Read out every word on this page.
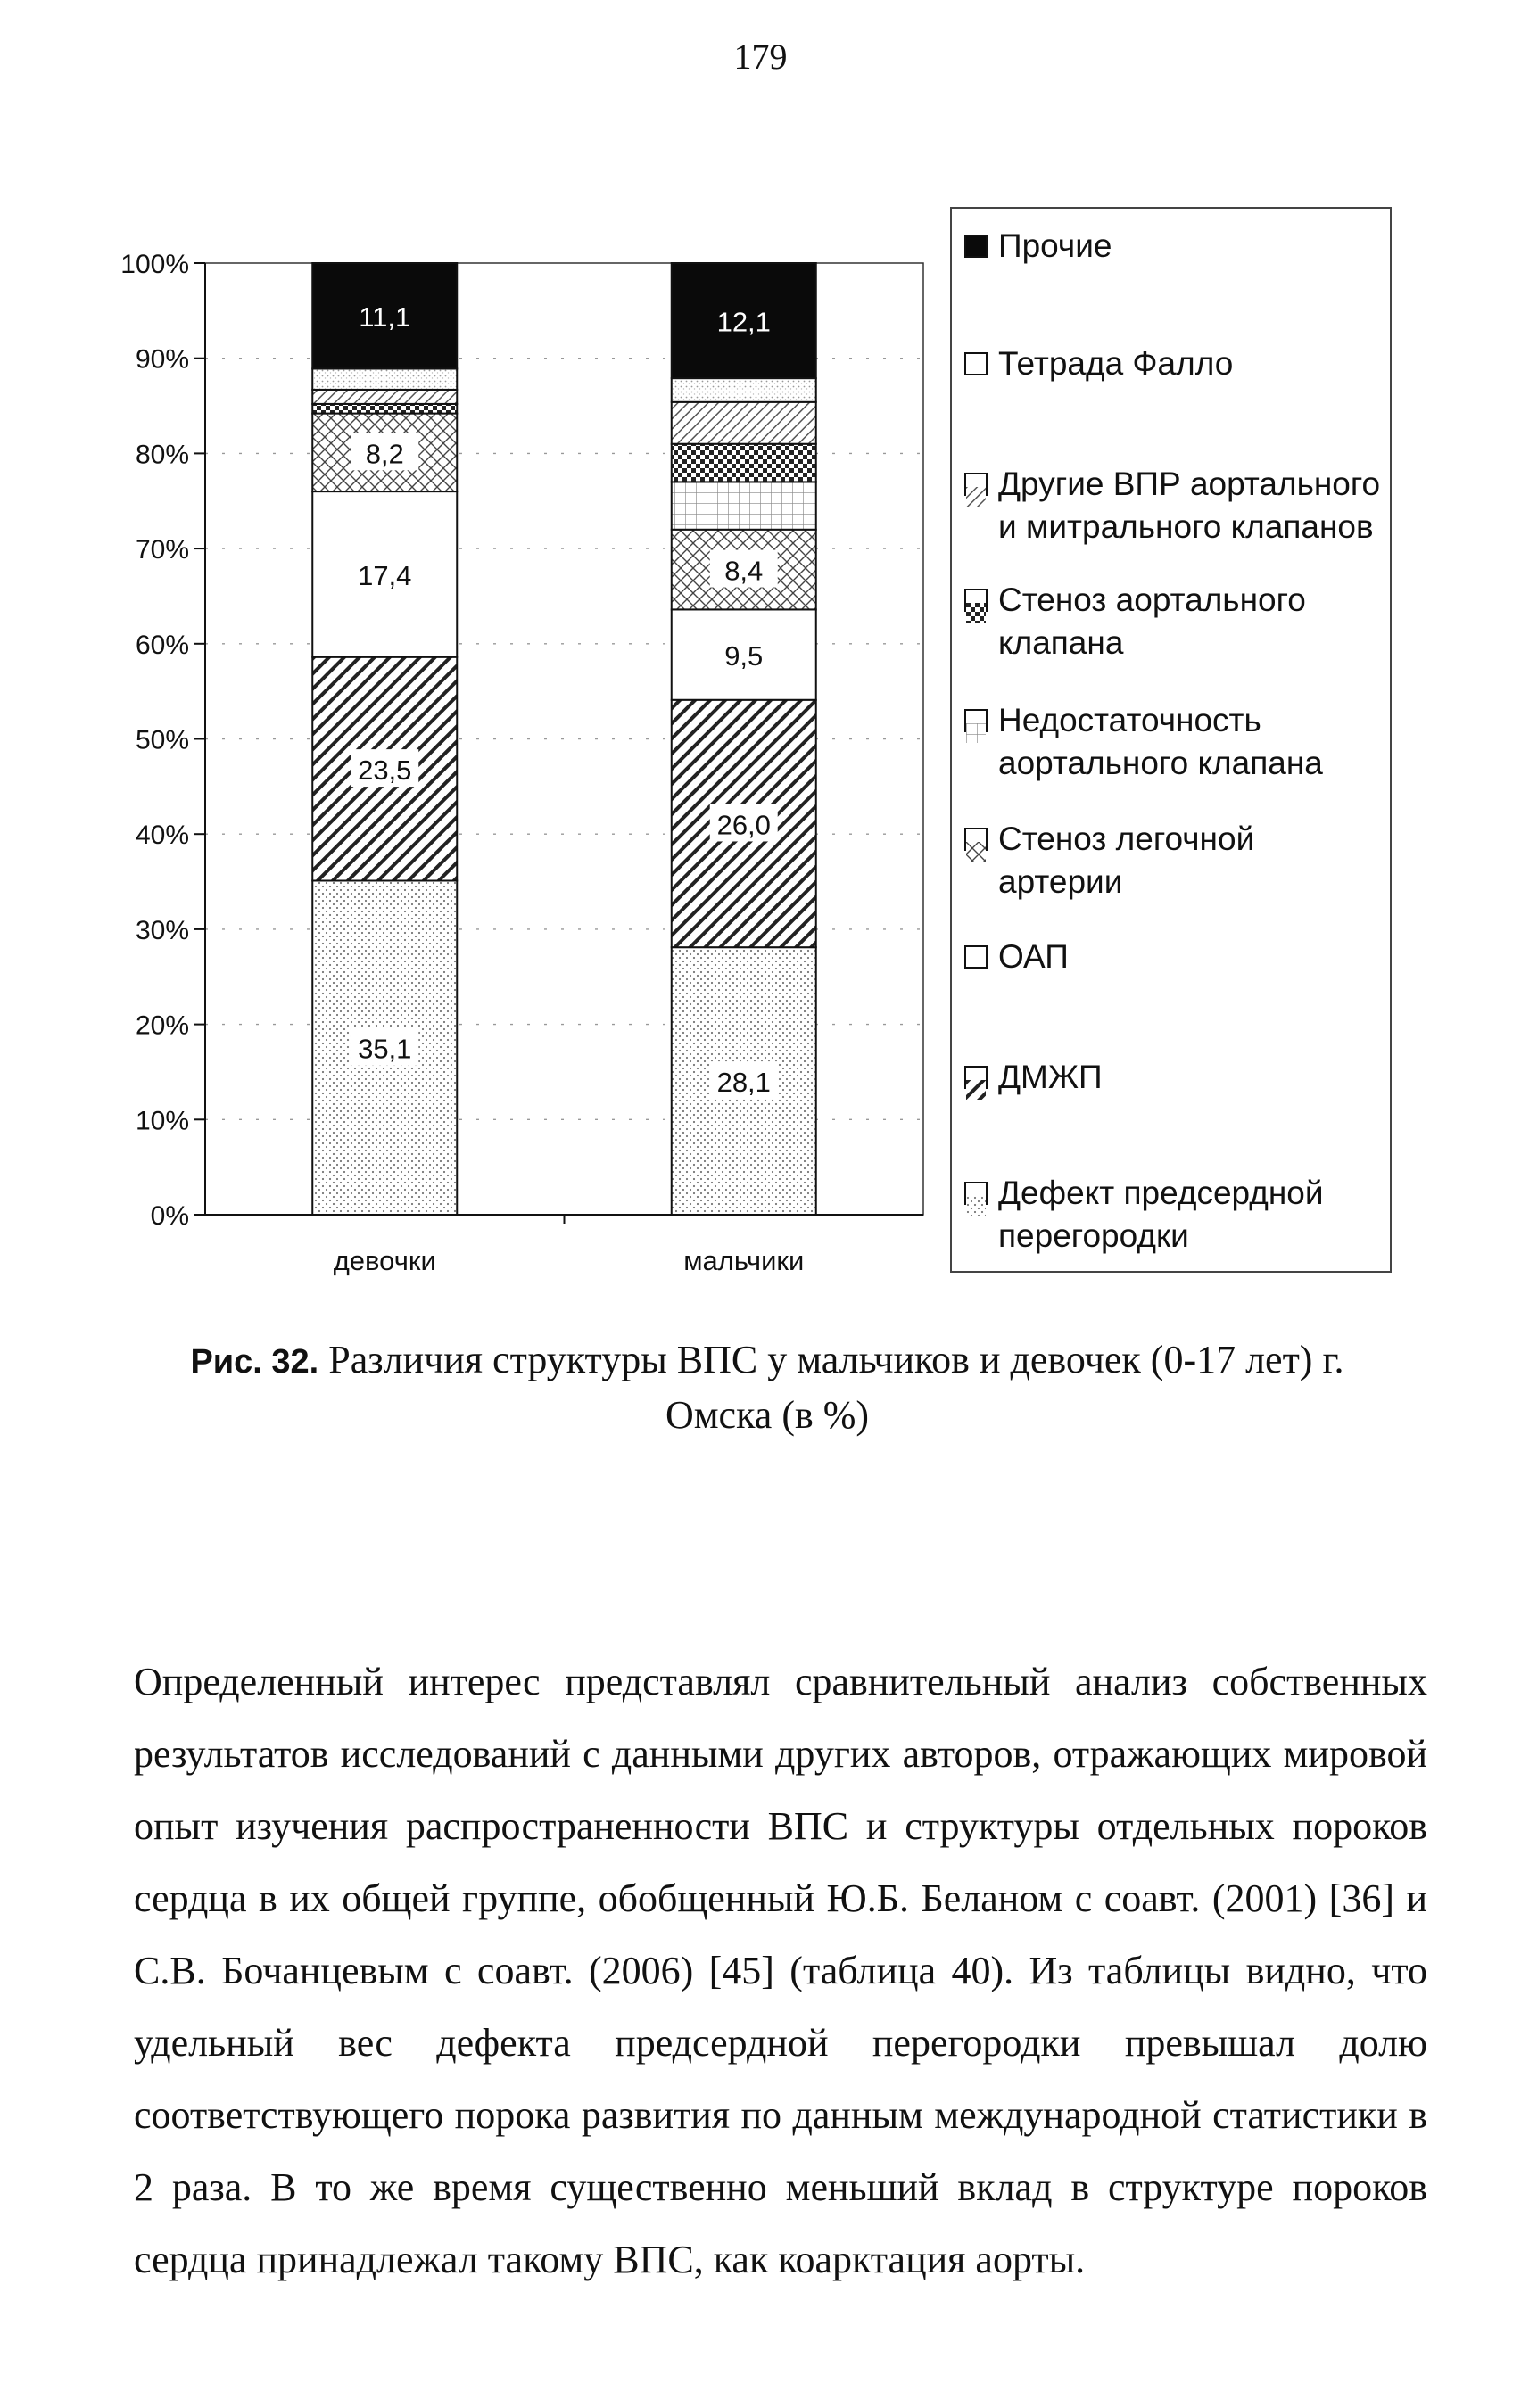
179
35,1
23,5
17,4
8,2
11,1
28,1
26,0
9,5
8,4
12,1
0%
10%
20%
30%
40%
50%
60%
70%
80%
90%
100%
девочки	мальчики
Прочие
Тетрада Фалло
Другие ВПР аортального
и митрального клапанов
Стеноз аортального
клапана
Недостаточность
аортального клапана
Стеноз легочной
артерии
ОАП
ДМЖП
Дефект предсердной
перегородки
Рис. 32. Различия структуры ВПС у мальчиков и девочек (0-17 лет) г. Омска (в %)

Определенный интерес представлял сравнительный анализ собственных результатов исследований с данными других авторов, отражающих мировой опыт изучения распространенности ВПС и структуры отдельных пороков сердца в их общей группе, обобщенный Ю.Б. Беланом с соавт. (2001) [36] и С.В. Бочанцевым с соавт. (2006) [45] (таблица 40). Из таблицы видно, что удельный вес дефекта предсердной перегородки превышал долю соответствующего порока развития по данным международной статистики в 2 раза. В то же время существенно меньший вклад в структуре пороков сердца принадлежал такому ВПС, как коарктация аорты.
